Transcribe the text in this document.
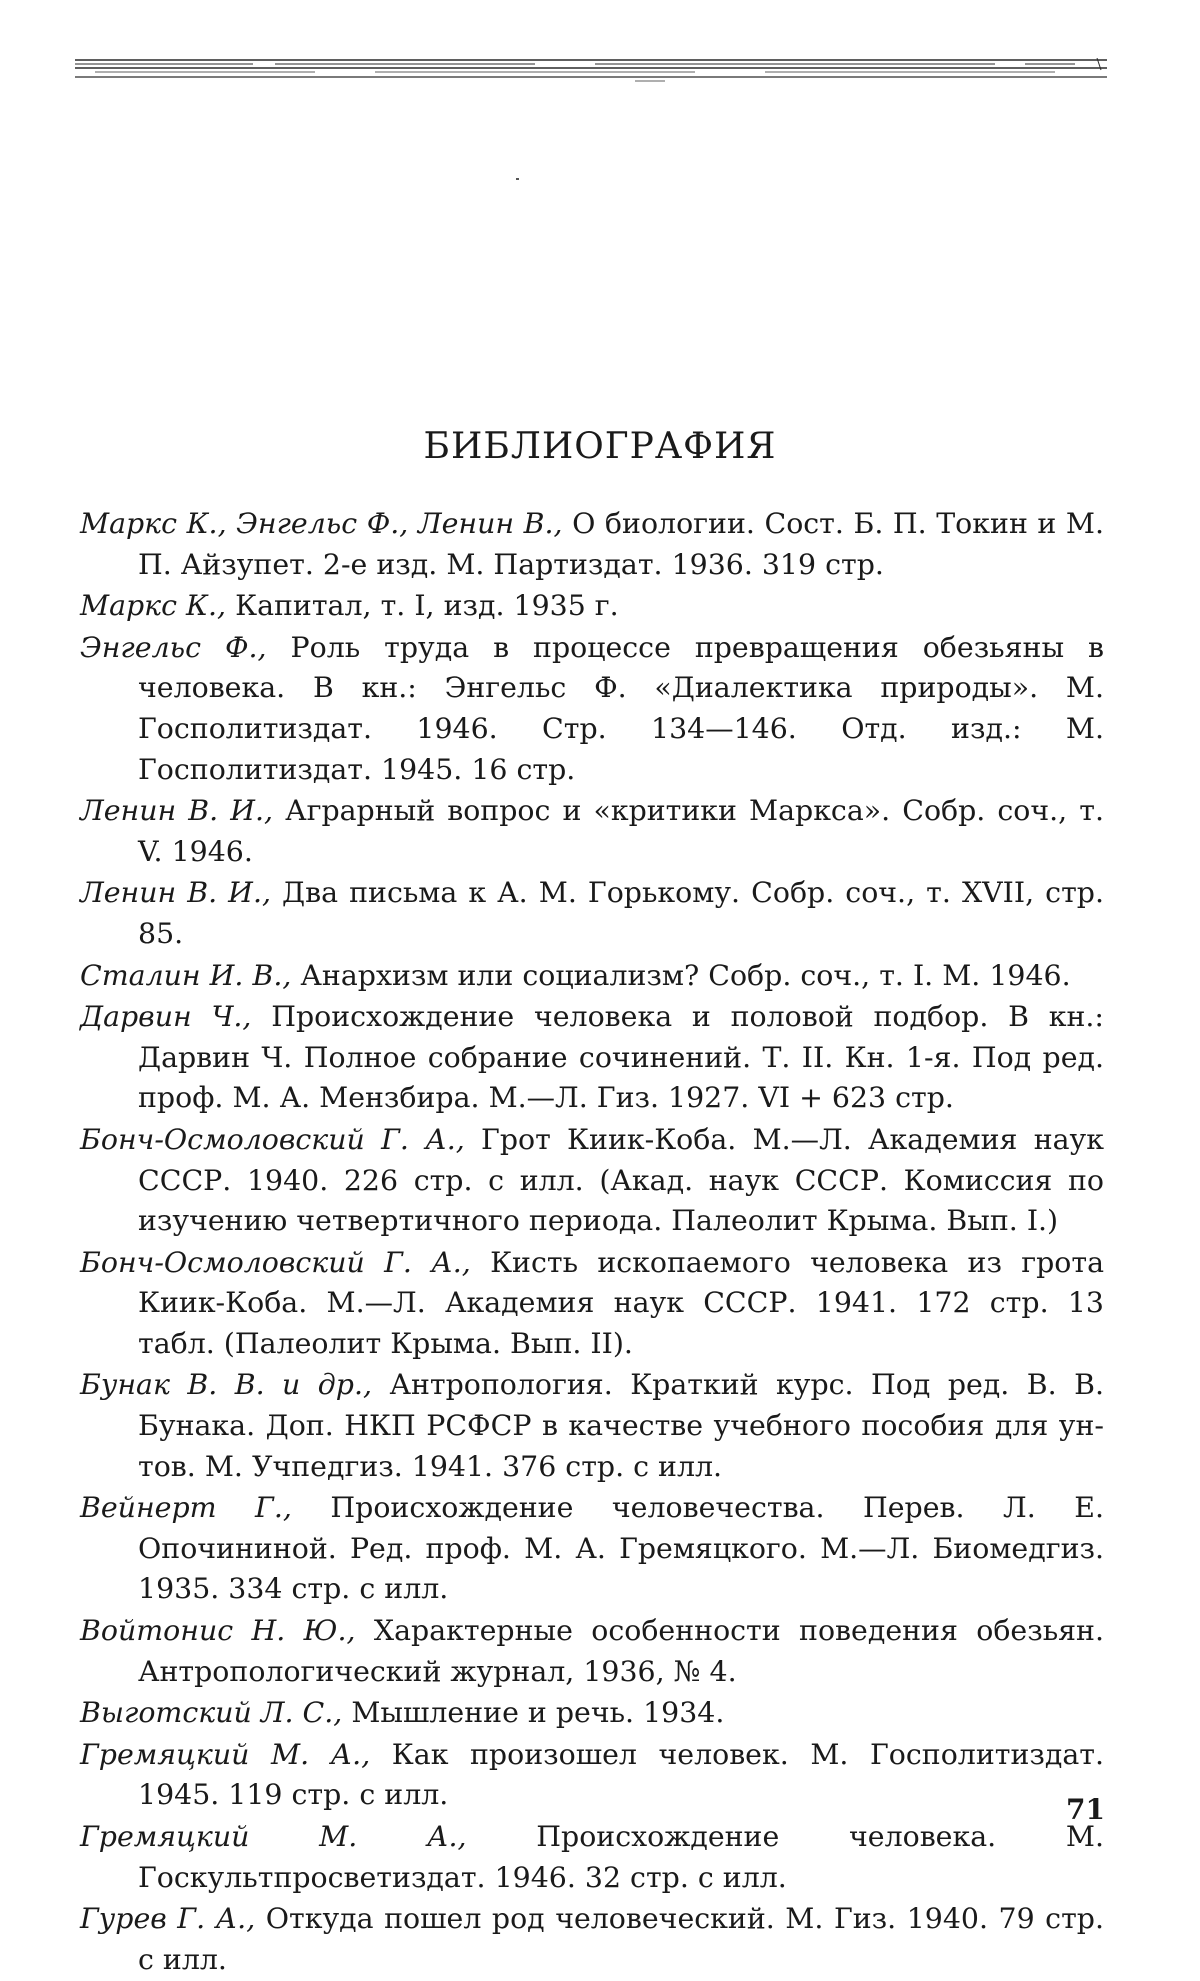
БИБЛИОГРАФИЯ
Маркс К., Энгельс Ф., Ленин В., О биологии. Сост. Б. П. Токин и М. П. Айзупет. 2-е изд. М. Партиздат. 1936. 319 стр.
Маркс К., Капитал, т. I, изд. 1935 г.
Энгельс Ф., Роль труда в процессе превращения обезьяны в человека. В кн.: Энгельс Ф. «Диалектика природы». М. Госполитиздат. 1946. Стр. 134—146. Отд. изд.: М. Госполитиздат. 1945. 16 стр.
Ленин В. И., Аграрный вопрос и «критики Маркса». Собр. соч., т. V. 1946.
Ленин В. И., Два письма к А. М. Горькому. Собр. соч., т. XVII, стр. 85.
Сталин И. В., Анархизм или социализм? Собр. соч., т. I. М. 1946.
Дарвин Ч., Происхождение человека и половой подбор. В кн.: Дарвин Ч. Полное собрание сочинений. Т. II. Кн. 1-я. Под ред. проф. М. А. Мензбира. М.—Л. Гиз. 1927. VI + 623 стр.
Бонч-Осмоловский Г. А., Грот Киик-Коба. М.—Л. Академия наук СССР. 1940. 226 стр. с илл. (Акад. наук СССР. Комиссия по изучению четвертичного периода. Палеолит Крыма. Вып. I.)
Бонч-Осмоловский Г. А., Кисть ископаемого человека из грота Киик-Коба. М.—Л. Академия наук СССР. 1941. 172 стр. 13 табл. (Палеолит Крыма. Вып. II).
Бунак В. В. и др., Антропология. Краткий курс. Под ред. В. В. Бунака. Доп. НКП РСФСР в качестве учебного пособия для ун-тов. М. Учпедгиз. 1941. 376 стр. с илл.
Вейнерт Г., Происхождение человечества. Перев. Л. Е. Опочининой. Ред. проф. М. А. Гремяцкого. М.—Л. Биомедгиз. 1935. 334 стр. с илл.
Войтонис Н. Ю., Характерные особенности поведения обезьян. Антропологический журнал, 1936, № 4.
Выготский Л. С., Мышление и речь. 1934.
Гремяцкий М. А., Как произошел человек. М. Госполитиздат. 1945. 119 стр. с илл.
Гремяцкий М. А., Происхождение человека. М. Госкультпросветиздат. 1946. 32 стр. с илл.
Гурев Г. А., Откуда пошел род человеческий. М. Гиз. 1940. 79 стр. с илл.
71
